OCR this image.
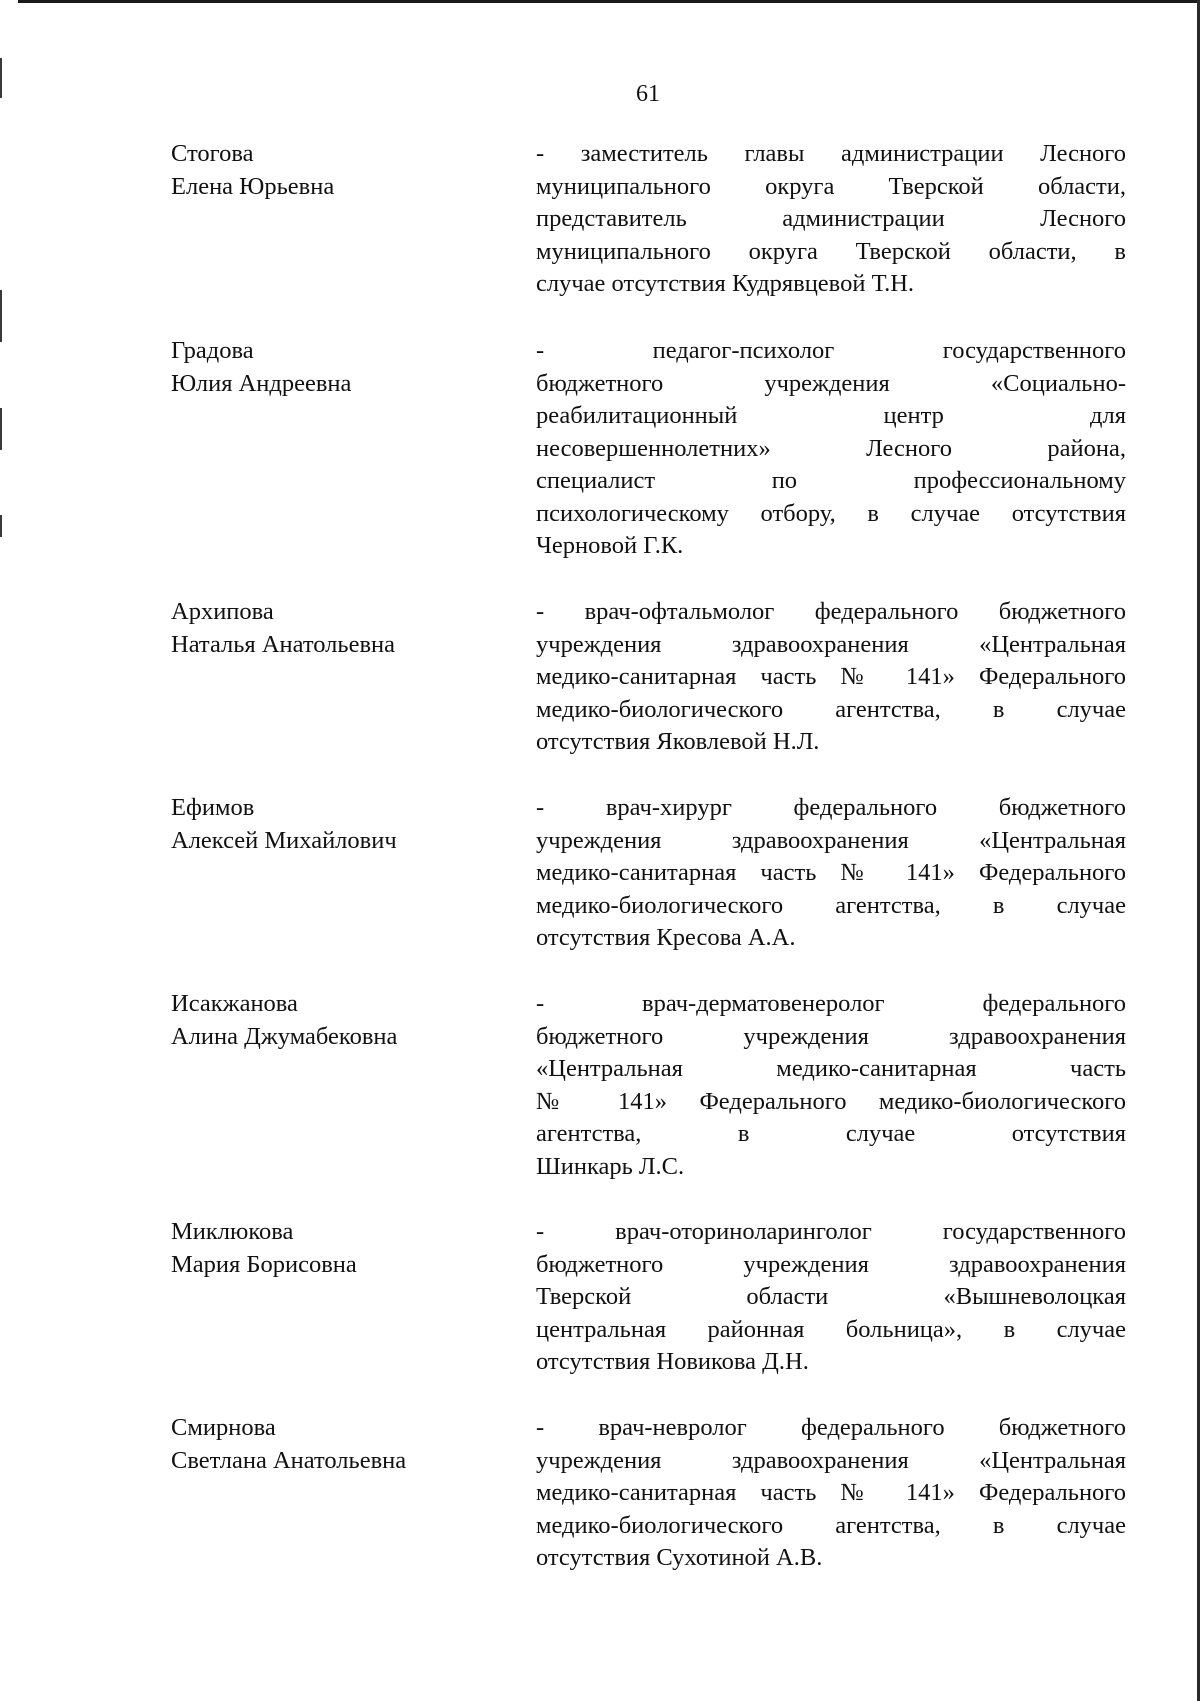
61
Стогова
Елена Юрьевна
- заместитель главы администрации Лесного
муниципального округа Тверской области,
представитель администрации Лесного
муниципального округа Тверской области, в
случае отсутствия Кудрявцевой Т.Н.
Градова
Юлия Андреевна
- педагог-психолог государственного
бюджетного учреждения «Социально-
реабилитационный центр для
несовершеннолетних» Лесного района,
специалист по профессиональному
психологическому отбору, в случае отсутствия
Черновой Г.К.
Архипова
Наталья Анатольевна
- врач-офтальмолог федерального бюджетного
учреждения здравоохранения «Центральная
медико-санитарная часть № 141» Федерального
медико-биологического агентства, в случае
отсутствия Яковлевой Н.Л.
Ефимов
Алексей Михайлович
- врач-хирург федерального бюджетного
учреждения здравоохранения «Центральная
медико-санитарная часть № 141» Федерального
медико-биологического агентства, в случае
отсутствия Кресова А.А.
Исакжанова
Алина Джумабековна
- врач-дерматовенеролог федерального
бюджетного учреждения здравоохранения
«Центральная медико-санитарная часть
№ 141» Федерального медико-биологического
агентства, в случае отсутствия
Шинкарь Л.С.
Миклюкова
Мария Борисовна
- врач-оториноларинголог государственного
бюджетного учреждения здравоохранения
Тверской области «Вышневолоцкая
центральная районная больница», в случае
отсутствия Новикова Д.Н.
Смирнова
Светлана Анатольевна
- врач-невролог федерального бюджетного
учреждения здравоохранения «Центральная
медико-санитарная часть № 141» Федерального
медико-биологического агентства, в случае
отсутствия Сухотиной А.В.
